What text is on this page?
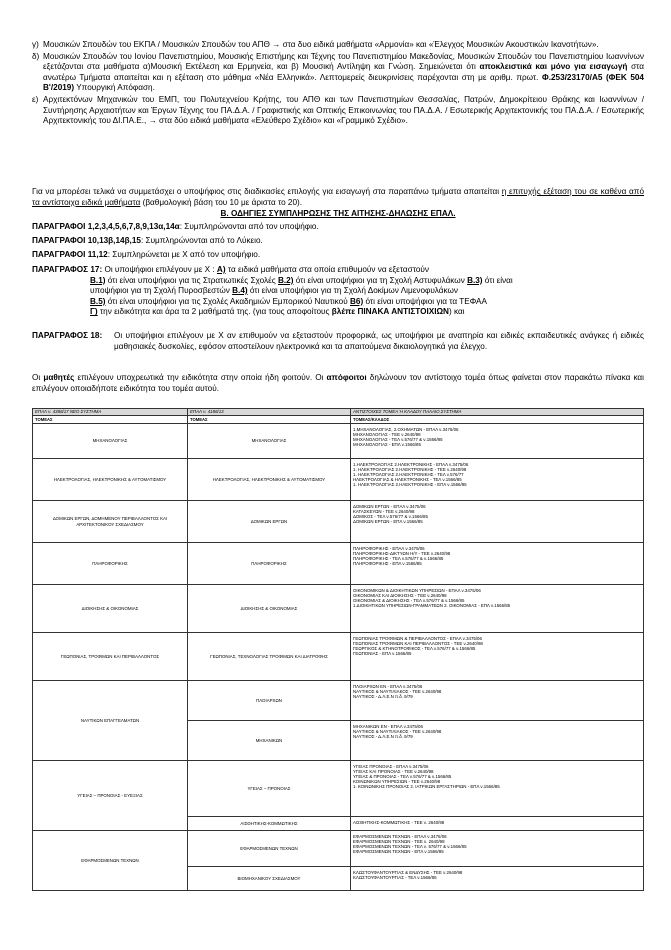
γ) Μουσικών Σπουδών του ΕΚΠΑ / Μουσικών Σπουδών του ΑΠΘ → στα δυο ειδικά μαθήματα «Αρμονία» και «Έλεγχος Μουσικών Ακουστικών Ικανοτήτων».
δ) Μουσικών Σπουδών του Ιονίου Πανεπιστημίου, Μουσικής Επιστήμης και Τέχνης του Πανεπιστημίου Μακεδονίας, Μουσικών Σπουδών του Πανεπιστημίου Ιωαννίνων εξετάζονται στα μαθήματα α)Μουσική Εκτέλεση και Ερμηνεία, και β) Μουσική Αντίληψη και Γνώση. Σημειώνεται ότι αποκλειστικά και μόνο για εισαγωγή στα ανωτέρω Τμήματα απαιτείται και η εξέταση στο μάθημα «Νέα Ελληνικά». Λεπτομερείς διευκρινίσεις παρέχονται στη με αριθμ. πρωτ. Φ.253/23170/Α5 (ΦΕΚ 504 Β'/2019) Υπουργική Απόφαση.
ε) Αρχιτεκτόνων Μηχανικών του ΕΜΠ, του Πολυτεχνείου Κρήτης, του ΑΠΘ και των Πανεπιστημίων Θεσσαλίας, Πατρών, Δημοκρίτειου Θράκης και Ιωαννίνων / Συντήρησης Αρχαιοτήτων και Έργων Τέχνης του ΠΑ.Δ.Α. / Γραφιστικής και Οπτικής Επικοινωνίας του ΠΑ.Δ.Α. / Εσωτερικής Αρχιτεκτονικής του ΠΑ.Δ.Α. / Εσωτερικής Αρχιτεκτονικής του ΔΙ.ΠΑ.Ε., → στα δύο ειδικά μαθήματα «Ελεύθερο Σχέδιο» και «Γραμμικό Σχέδιο».
Για να μπορέσει τελικά να συμμετάσχει ο υποψήφιος στις διαδικασίες επιλογής για εισαγωγή στα παραπάνω τμήματα απαιτείται η επιτυχής εξέταση του σε καθένα από τα αντίστοιχα ειδικά μαθήματα (βαθμολογική βάση του 10 με άριστα το 20).
Β. ΟΔΗΓΙΕΣ ΣΥΜΠΛΗΡΩΣΗΣ ΤΗΣ ΑΙΤΗΣΗΣ-ΔΗΛΩΣΗΣ ΕΠΑΛ.
ΠΑΡΑΓΡΑΦΟΙ 1,2,3,4,5,6,7,8,9,13α,14α: Συμπληρώνονται από τον υποψήφιο.
ΠΑΡΑΓΡΑΦΟΙ 10,13β,14β,15: Συμπληρώνονται από το Λύκειο.
ΠΑΡΑΓΡΑΦΟΙ 11,12: Συμπληρώνεται με Χ από τον υποψήφιο.
ΠΑΡΑΓΡΑΦΟΣ 17: Οι υποψήφιοι επιλέγουν με Χ : Α) τα ειδικά μαθήματα στα οποία επιθυμούν να εξεταστούν
Β.1) ότι είναι υποψήφιοι για τις Στρατιωτικές Σχολές Β.2) ότι είναι υποψήφιοι για τη Σχολή Αστυφυλάκων Β.3) ότι είναι
υποψήφιοι για τη Σχολή Πυροσβεστών Β.4) ότι είναι υποψήφιοι για τη Σχολή Δοκίμων Λιμενοφυλάκων
Β.5) ότι είναι υποψήφιοι για τις Σχολές Ακαδημιών Εμπορικού Ναυτικού Β6) ότι είναι υποψήφιοι για τα ΤΕΦΑΑ
Γ) την ειδικότητα και άρα τα 2 μαθήματά της. (για τους αποφοίτους βλέπε ΠΙΝΑΚΑ ΑΝΤΙΣΤΟΙΧΙΩΝ) και
ΠΑΡΑΓΡΑΦΟΣ 18:	Οι υποψήφιοι επιλέγουν με Χ αν επιθυμούν να εξεταστούν προφορικά, ως υποψήφιοι με αναπηρία και ειδικές εκπαιδευτικές ανάγκες ή ειδικές μαθησιακές δυσκολίες, εφόσον αποστείλουν ηλεκτρονικά και τα απαιτούμενα δικαιολογητικά για έλεγχο.
Οι μαθητές επιλέγουν υποχρεωτικά την ειδικότητα στην οποία ήδη φοιτούν. Οι απόφοιτοι δηλώνουν τον αντίστοιχο τομέα όπως φαίνεται στον παρακάτω πίνακα και επιλέγουν οποιαδήποτε ειδικότητα του τομέα αυτού.
ΕΠΑΛ ν. 4386/17 ΝΕΟ ΣΥΣΤΗΜΑ	ΕΠΑΛ ν. 4186/13	ΑΝΤΙΣΤΟΙΧΕΣ ΤΟΜΕΑ Ή ΚΛΑΔΟΥ ΠΑΛΑΙΟ ΣΥΣΤΗΜΑ
ΤΟΜΕΑΣ	ΤΟΜΕΑΣ	ΤΟΜΕΑΣ/ΚΛΑΔΟΣ
ΜΗΧΑΝΟΛΟΓΙΑΣ	ΜΗΧΑΝΟΛΟΓΙΑΣ	1.ΜΗΧΑΝΟΛΟΓΙΑΣ, 2.ΟΧΗΜΑΤΩΝ - ΕΠΑΛ ν.3475/06
ΜΗΧΑΝΟΛΟΓΙΑΣ - ΤΕΕ ν.2640/98
ΜΗΧΑΝΟΛΟΓΙΑΣ - ΤΕΛ ν.576/77 & ν.1566/85
ΜΗΧΑΝΟΛΟΓΙΑΣ - ΕΠΛ ν.1566/85

ΗΛΕΚΤΡΟΛΟΓΙΑΣ, ΗΛΕΚΤΡΟΝΙΚΗΣ & ΑΥΤΟΜΑΤΙΣΜΟΥ	ΗΛΕΚΤΡΟΛΟΓΙΑΣ, ΗΛΕΚΤΡΟΝΙΚΗΣ & ΑΥΤΟΜΑΤΙΣΜΟΥ	1.ΗΛΕΚΤΡΟΛΟΓΙΑΣ 2.ΗΛΕΚΤΡΟΝΙΚΗΣ - ΕΠΑΛ ν.3475/06
1. ΗΛΕΚΤΡΟΛΟΓΙΑΣ 2.ΗΛΕΚΤΡΟΝΙΚΗΣ - ΤΕΕ ν.2640/98
1. ΗΛΕΚΤΡΟΛΟΓΙΑΣ 2.ΗΛΕΚΤΡΟΝΙΚΗΣ - ΤΕΛ ν.576/77
ΗΛΕΚΤΡΟΛΟΓΙΑΣ & ΗΛΕΚΤΡΟΝΙΚΗΣ - ΤΕΛ ν.1566/85
1. ΗΛΕΚΤΡΟΛΟΓΙΑΣ 2.ΗΛΕΚΤΡΟΝΙΚΗΣ - ΕΠΛ ν.1566/85

ΔΟΜΙΚΩΝ ΕΡΓΩΝ, ΔΟΜΗΜΕΝΟΥ ΠΕΡΙΒΑΛΛΟΝΤΟΣ ΚΑΙ ΑΡΧΙΤΕΚΤΟΝΙΚΟΥ ΣΧΕΔΙΑΣΜΟΥ	ΔΟΜΙΚΩΝ ΕΡΓΩΝ	ΔΟΜΙΚΩΝ ΕΡΓΩΝ - ΕΠΑΛ ν.3475/06
ΚΑΤΑΣΚΕΥΩΝ - ΤΕΕ ν.2640/98
ΔΟΜΙΚΟΣ - ΤΕΛ ν.576/77 & ν.1566/85
ΔΟΜΙΚΩΝ ΕΡΓΩΝ - ΕΠΛ ν.1566/85

ΠΛΗΡΟΦΟΡΙΚΗΣ	ΠΛΗΡΟΦΟΡΙΚΗΣ	ΠΛΗΡΟΦΟΡΙΚΗΣ - ΕΠΑΛ ν.3475/06
ΠΛΗΡΟΦΟΡΙΚΗΣ-ΔΙΚΤΥΩΝ Η/Υ - ΤΕΕ ν.2640/98
ΠΛΗΡΟΦΟΡΙΚΗΣ - ΤΕΛ ν.576/77 & ν.1566/85
ΠΛΗΡΟΦΟΡΙΚΗΣ - ΕΠΛ ν.1566/85

ΔΙΟΙΚΗΣΗΣ & ΟΙΚΟΝΟΜΙΑΣ	ΔΙΟΙΚΗΣΗΣ & ΟΙΚΟΝΟΜΙΑΣ	ΟΙΚΟΝΟΜΙΚΩΝ & ΔΙΟΙΚΗΤΙΚΩΝ ΥΠΗΡΕΣΙΩΝ - ΕΠΑΛ ν.3475/06
ΟΙΚΟΝΟΜΙΑΣ ΚΑΙ ΔΙΟΙΚΗΣΗΣ - ΤΕΕ ν.2640/98
ΟΙΚΟΝΟΜΙΑΣ & ΔΙΟΙΚΗΣΗΣ - ΤΕΛ ν.576/77 & ν.1566/85
1.ΔΙΟΙΚΗΤΙΚΩΝ ΥΠΗΡΕΣΙΩΝ-ΓΡΑΜΜΑΤΕΩΝ 2. ΟΙΚΟΝΟΜΙΑΣ - ΕΠΛ ν.1566/85

ΓΕΩΠΟΝΙΑΣ, ΤΡΟΦΙΜΩΝ ΚΑΙ ΠΕΡΙΒΑΛΛΟΝΤΟΣ	ΓΕΩΠΟΝΙΑΣ, ΤΕΧΝΟΛΟΓΙΑΣ ΤΡΟΦΙΜΩΝ ΚΑΙ ΔΙΑΤΡΟΦΗΣ	ΓΕΩΠΟΝΙΑΣ ΤΡΟΦΙΜΩΝ & ΠΕΡΙΒΑΛΛΟΝΤΟΣ - ΕΠΑΛ ν.3475/06
ΓΕΩΠΟΝΙΑΣ ΤΡΟΦΙΜΩΝ ΚΑΙ ΠΕΡΙΒΑΛΛΟΝΤΟΣ - ΤΕΕ ν.2640/98
ΓΕΩΡΓΙΚΟΣ & ΚΤΗΝΟΤΡΟΦΙΚΟΣ - ΤΕΛ ν.576/77 & ν.1566/85
ΓΕΩΠΟΝΙΑΣ - ΕΠΛ ν.1566/85

ΝΑΥΤΙΚΩΝ ΕΠΑΓΓΕΛΜΑΤΩΝ	ΠΛΟΙΑΡΧΩΝ	ΠΛΟΙΑΡΧΩΝ ΕΝ - ΕΠΑΛ ν.3475/06
ΝΑΥΤΙΚΟΣ & ΝΑΥΤΙΛΙΑΚΟΣ - ΤΕΕ ν.2640/98
ΝΑΥΤΙΚΟΣ - Δ.Λ.Ε.Ν π.δ. 9/79

	ΜΗΧΑΝΙΚΩΝ	ΜΗΧΑΝΙΚΩΝ ΕΝ - ΕΠΑΛ ν.3475/06
ΝΑΥΤΙΚΟΣ & ΝΑΥΤΙΛΙΑΚΟΣ - ΤΕΕ ν.2640/98
ΝΑΥΤΙΚΟΣ - Δ.Λ.Ε.Ν π.δ. 9/79

ΥΓΕΙΑΣ – ΠΡΟΝΟΙΑΣ - ΕΥΕΞΙΑΣ	ΥΓΕΙΑΣ – ΠΡΟΝΟΙΑΣ	ΥΓΕΙΑΣ ΠΡΟΝΟΙΑΣ - ΕΠΑΛ ν.3475/06
ΥΓΕΙΑΣ ΚΑΙ ΠΡΟΝΟΙΑΣ - ΤΕΕ ν.2640/98
ΥΓΕΙΑΣ & ΠΡΟΝΟΙΑΣ - ΤΕΛ ν.576/77 & ν.1566/85
ΚΟΙΝΩΝΙΚΩΝ ΥΠΗΡΕΣΙΩΝ - ΤΕΕ ν.2640/98
1. ΚΟΙΝΩΝΙΚΗΣ ΠΡΟΝΟΙΑΣ 2. ΙΑΤΡΙΚΩΝ ΕΡΓΑΣΤΗΡΙΩΝ - ΕΠΛ ν.1566/85

	ΑΙΣΘΗΤΙΚΗΣ-ΚΟΜΜΩΤΙΚΗΣ	ΑΙΣΘΗΤΙΚΗΣ-ΚΟΜΜΩΤΙΚΗΣ - ΤΕΕ ν. 2640/98

ΕΦΑΡΜΟΣΜΕΝΩΝ ΤΕΧΝΩΝ	ΕΦΑΡΜΟΣΜΕΝΩΝ ΤΕΧΝΩΝ	ΕΦΑΡΜΟΣΜΕΝΩΝ ΤΕΧΝΩΝ - ΕΠΑΛ ν.3475/06
ΕΦΑΡΜΟΣΜΕΝΩΝ ΤΕΧΝΩΝ - ΤΕΕ ν. 2640/98
ΕΦΑΡΜΟΣΜΕΝΩΝ ΤΕΧΝΩΝ - ΤΕΛ ν. 576/77 & ν.1566/85
ΕΦΑΡΜΟΣΜΕΝΩΝ ΤΕΧΝΩΝ - ΕΠΛ ν.1566/85

	ΒΙΟΜΗΧΑΝΙΚΟΥ ΣΧΕΔΙΑΣΜΟΥ	ΚΛΩΣΤΟΥΦΑΝΤΟΥΡΓΙΑΣ & ΕΝΔΥΣΗΣ - ΤΕΕ ν.2640/98
ΚΛΩΣΤΟΥΦΑΝΤΟΥΡΓΙΑΣ - ΤΕΛ ν.1566/85
